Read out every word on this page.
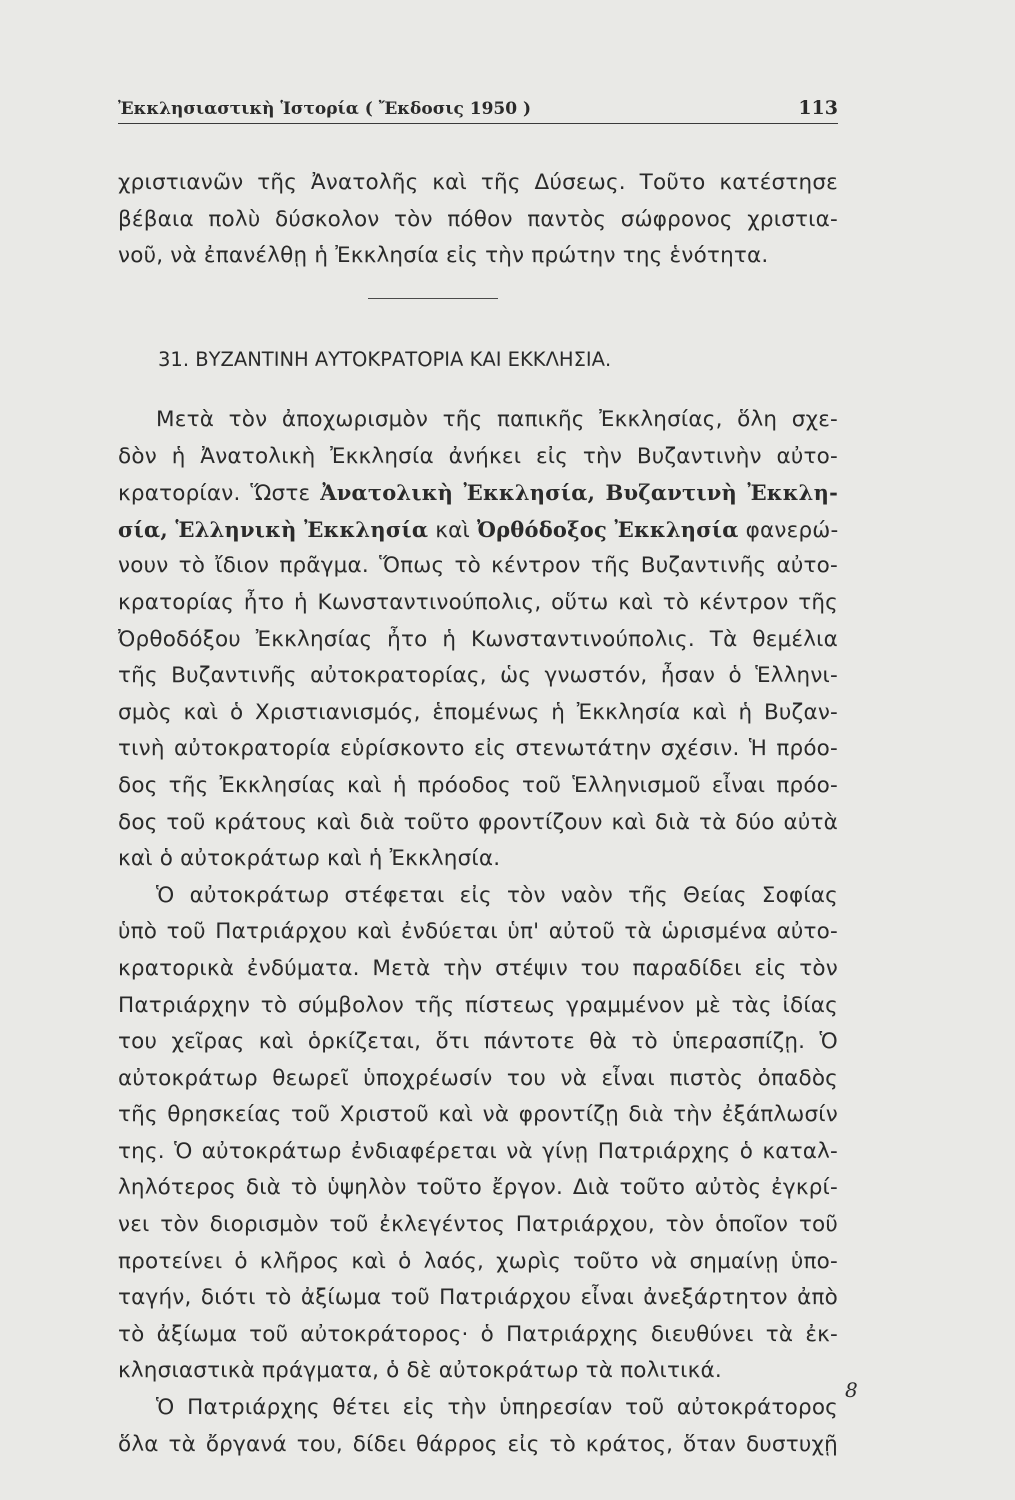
Ἐκκλησιαστικὴ Ἱστορία ( Ἔκδοσις 1950 )	113
χριστιανῶν τῆς Ἀνατολῆς καὶ τῆς Δύσεως. Τοῦτο κατέστησε
βέβαια πολὺ δύσκολον τὸν πόθον παντὸς σώφρονος χριστια-
νοῦ, νὰ ἐπανέλθῃ ἡ Ἐκκλησία εἰς τὴν πρώτην της ἑνότητα.
31. ΒΥΖΑΝΤΙΝΗ ΑΥΤΟΚΡΑΤΟΡΙΑ ΚΑΙ ΕΚΚΛΗΣΙΑ.
Μετὰ τὸν ἀποχωρισμὸν τῆς παπικῆς Ἐκκλησίας, ὅλη σχε-
δὸν ἡ Ἀνατολικὴ Ἐκκλησία ἀνήκει εἰς τὴν Βυζαντινὴν αὐτο-
κρατορίαν. Ὥστε Ἀνατολικὴ Ἐκκλησία, Βυζαντινὴ Ἐκκλη-
σία, Ἑλληνικὴ Ἐκκλησία καὶ Ὀρθόδοξος Ἐκκλησία φανερώ-
νουν τὸ ἴδιον πρᾶγμα. Ὅπως τὸ κέντρον τῆς Βυζαντινῆς αὐτο-
κρατορίας ἦτο ἡ Κωνσταντινούπολις, οὕτω καὶ τὸ κέντρον τῆς
Ὀρθοδόξου Ἐκκλησίας ἦτο ἡ Κωνσταντινούπολις. Τὰ θεμέλια
τῆς Βυζαντινῆς αὐτοκρατορίας, ὡς γνωστόν, ἦσαν ὁ Ἑλληνι-
σμὸς καὶ ὁ Χριστιανισμός, ἑπομένως ἡ Ἐκκλησία καὶ ἡ Βυζαν-
τινὴ αὐτοκρατορία εὑρίσκοντο εἰς στενωτάτην σχέσιν. Ἡ πρόο-
δος τῆς Ἐκκλησίας καὶ ἡ πρόοδος τοῦ Ἑλληνισμοῦ εἶναι πρόο-
δος τοῦ κράτους καὶ διὰ τοῦτο φροντίζουν καὶ διὰ τὰ δύο αὐτὰ
καὶ ὁ αὐτοκράτωρ καὶ ἡ Ἐκκλησία.
Ὁ αὐτοκράτωρ στέφεται εἰς τὸν ναὸν τῆς Θείας Σοφίας
ὑπὸ τοῦ Πατριάρχου καὶ ἐνδύεται ὑπ' αὐτοῦ τὰ ὡρισμένα αὐτο-
κρατορικὰ ἐνδύματα. Μετὰ τὴν στέψιν του παραδίδει εἰς τὸν
Πατριάρχην τὸ σύμβολον τῆς πίστεως γραμμένον μὲ τὰς ἰδίας
του χεῖρας καὶ ὁρκίζεται, ὅτι πάντοτε θὰ τὸ ὑπερασπίζῃ. Ὁ
αὐτοκράτωρ θεωρεῖ ὑποχρέωσίν του νὰ εἶναι πιστὸς ὀπαδὸς
τῆς θρησκείας τοῦ Χριστοῦ καὶ νὰ φροντίζῃ διὰ τὴν ἐξάπλωσίν
της. Ὁ αὐτοκράτωρ ἐνδιαφέρεται νὰ γίνῃ Πατριάρχης ὁ καταλ-
ληλότερος διὰ τὸ ὑψηλὸν τοῦτο ἔργον. Διὰ τοῦτο αὐτὸς ἐγκρί-
νει τὸν διορισμὸν τοῦ ἐκλεγέντος Πατριάρχου, τὸν ὁποῖον τοῦ
προτείνει ὁ κλῆρος καὶ ὁ λαός, χωρὶς τοῦτο νὰ σημαίνῃ ὑπο-
ταγήν, διότι τὸ ἀξίωμα τοῦ Πατριάρχου εἶναι ἀνεξάρτητον ἀπὸ
τὸ ἀξίωμα τοῦ αὐτοκράτορος· ὁ Πατριάρχης διευθύνει τὰ ἐκ-
κλησιαστικὰ πράγματα, ὁ δὲ αὐτοκράτωρ τὰ πολιτικά.
Ὁ Πατριάρχης θέτει εἰς τὴν ὑπηρεσίαν τοῦ αὐτοκράτορος
ὅλα τὰ ὄργανά του, δίδει θάρρος εἰς τὸ κράτος, ὅταν δυστυχῇ
8
